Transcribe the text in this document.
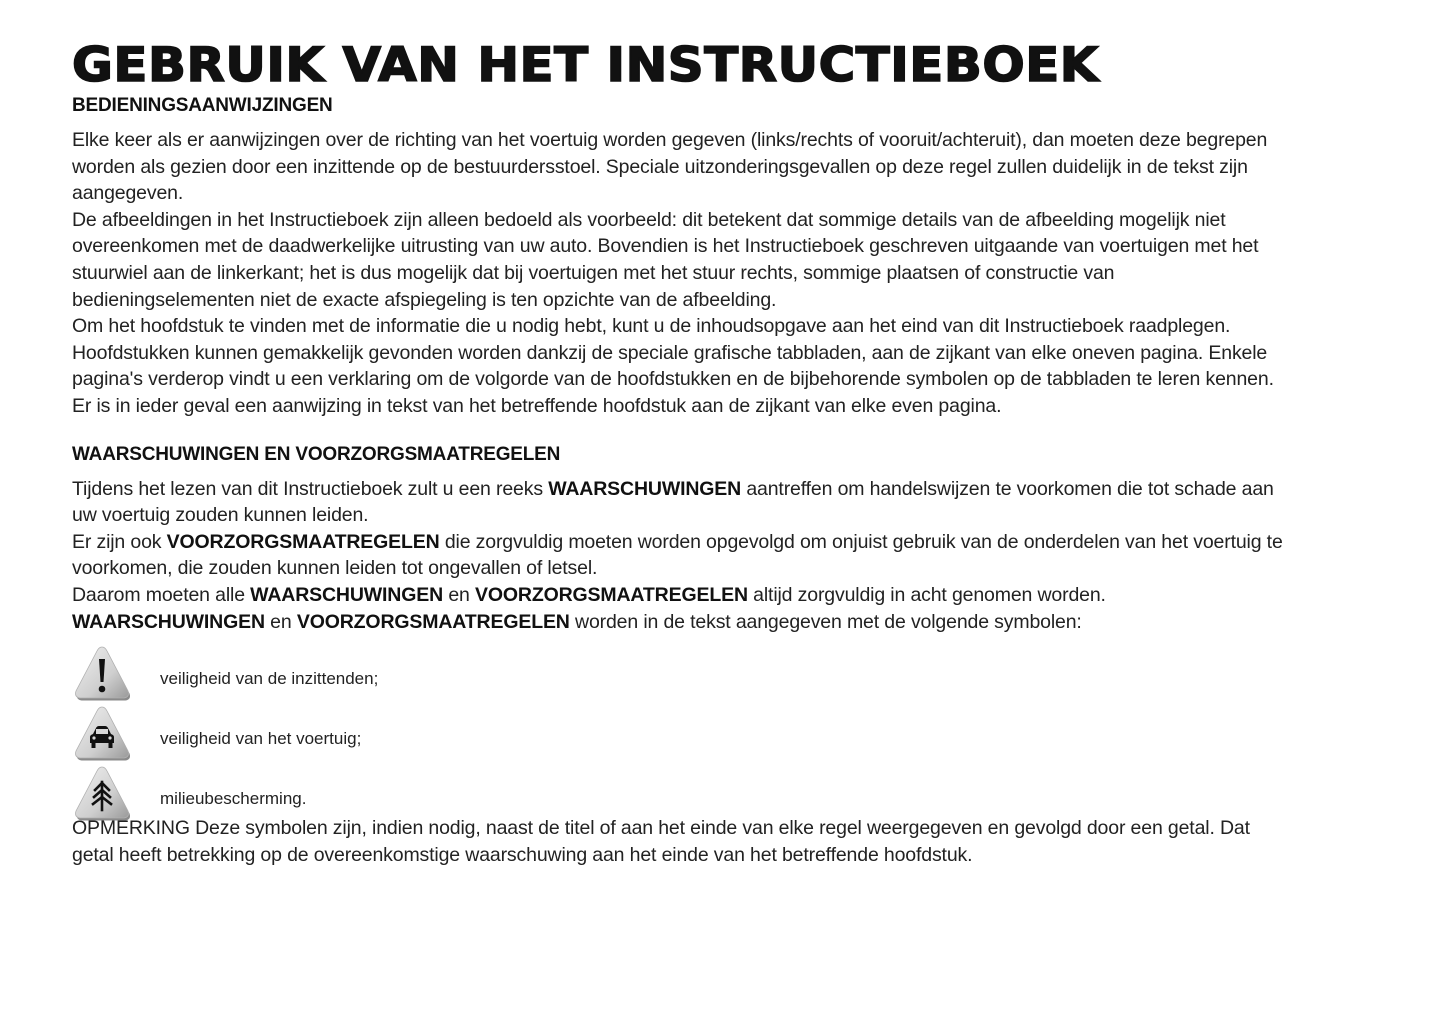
GEBRUIK VAN HET INSTRUCTIEBOEK
BEDIENINGSAANWIJZINGEN

Elke keer als er aanwijzingen over de richting van het voertuig worden gegeven (links/rechts of vooruit/achteruit), dan moeten deze begrepen worden als gezien door een inzittende op de bestuurdersstoel. Speciale uitzonderingsgevallen op deze regel zullen duidelijk in de tekst zijn aangegeven.

De afbeeldingen in het Instructieboek zijn alleen bedoeld als voorbeeld: dit betekent dat sommige details van de afbeelding mogelijk niet overeenkomen met de daadwerkelijke uitrusting van uw auto. Bovendien is het Instructieboek geschreven uitgaande van voertuigen met het stuurwiel aan de linkerkant; het is dus mogelijk dat bij voertuigen met het stuur rechts, sommige plaatsen of constructie van bedieningselementen niet de exacte afspiegeling is ten opzichte van de afbeelding.

Om het hoofdstuk te vinden met de informatie die u nodig hebt, kunt u de inhoudsopgave aan het eind van dit Instructieboek raadplegen.

Hoofdstukken kunnen gemakkelijk gevonden worden dankzij de speciale grafische tabbladen, aan de zijkant van elke oneven pagina. Enkele pagina's verderop vindt u een verklaring om de volgorde van de hoofdstukken en de bijbehorende symbolen op de tabbladen te leren kennen. Er is in ieder geval een aanwijzing in tekst van het betreffende hoofdstuk aan de zijkant van elke even pagina.

WAARSCHUWINGEN EN VOORZORGSMAATREGELEN

Tijdens het lezen van dit Instructieboek zult u een reeks WAARSCHUWINGEN aantreffen om handelswijzen te voorkomen die tot schade aan uw voertuig zouden kunnen leiden.

Er zijn ook VOORZORGSMAATREGELEN die zorgvuldig moeten worden opgevolgd om onjuist gebruik van de onderdelen van het voertuig te voorkomen, die zouden kunnen leiden tot ongevallen of letsel.

Daarom moeten alle WAARSCHUWINGEN en VOORZORGSMAATREGELEN altijd zorgvuldig in acht genomen worden.

WAARSCHUWINGEN en VOORZORGSMAATREGELEN worden in de tekst aangegeven met de volgende symbolen:

veiligheid van de inzittenden;
veiligheid van het voertuig;
milieubescherming.

OPMERKING Deze symbolen zijn, indien nodig, naast de titel of aan het einde van elke regel weergegeven en gevolgd door een getal. Dat getal heeft betrekking op de overeenkomstige waarschuwing aan het einde van het betreffende hoofdstuk.
